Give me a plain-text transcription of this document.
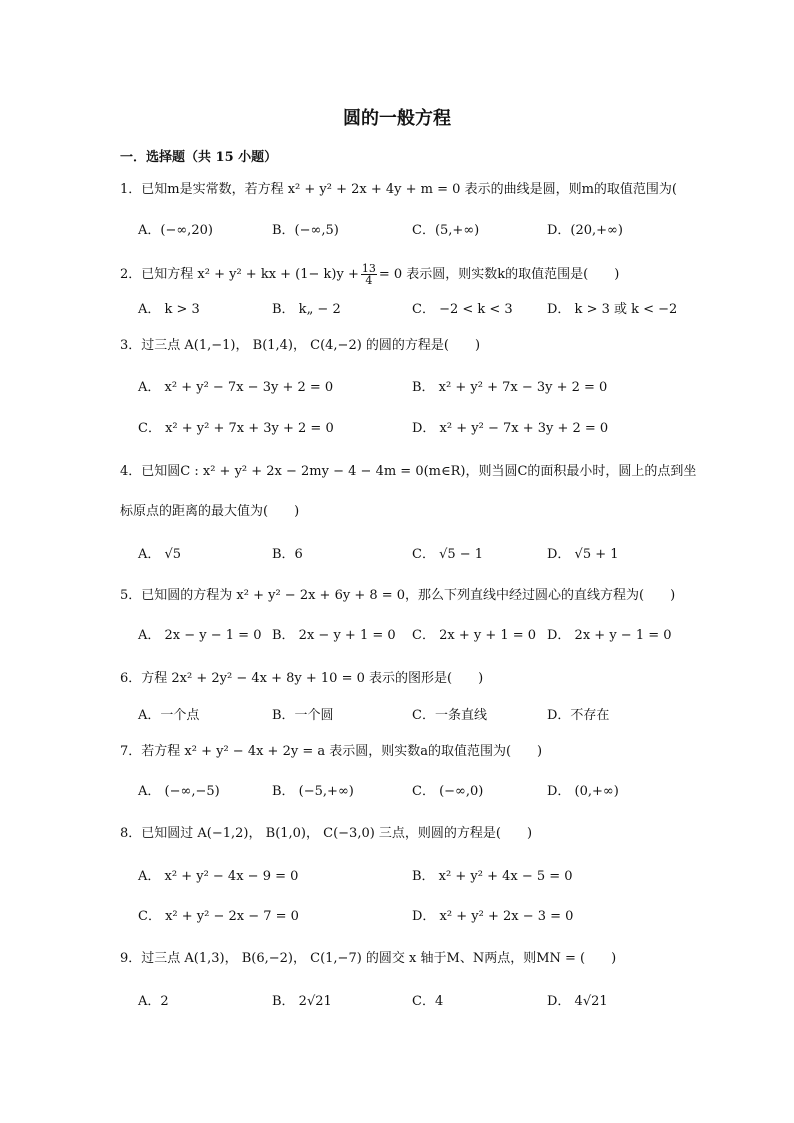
圆的一般方程
一．选择题（共 15 小题）
1．已知m是实常数，若方程 x² + y² + 2x + 4y + m = 0 表示的曲线是圆，则m的取值范围为(
A．(−∞,20)	B．(−∞,5)	C．(5,+∞)	D．(20,+∞)
2．已知方程 x² + y² + kx + $(1- k)y + \frac{13}{4} = 0$ 表示圆，则实数k的取值范围是(　　)
A． k > 3	B． k„ − 2	C． −2 < k < 3	D． k > 3 或 k < −2
3．过三点 A(1,−1)， B(1,4)， C(4,−2) 的圆的方程是(　　)
A． x² + y² − 7x − 3y + 2 = 0	B． x² + y² + 7x − 3y + 2 = 0
C． x² + y² + 7x + 3y + 2 = 0	D． x² + y² − 7x + 3y + 2 = 0
4．已知圆C : x² + y² + 2x − 2my − 4 − 4m = 0(m∈R)，则当圆C的面积最小时，圆上的点到坐
标原点的距离的最大值为(　　)
A． √5	B．6	C． √5 − 1	D． √5 + 1
5．已知圆的方程为 x² + y² − 2x + 6y + 8 = 0，那么下列直线中经过圆心的直线方程为(　　)
A． 2x − y − 1 = 0 B． 2x − y + 1 = 0 C． 2x + y + 1 = 0 D． 2x + y − 1 = 0
6．方程 2x² + 2y² − 4x + 8y + 10 = 0 表示的图形是(　　)
A．一个点	B．一个圆	C．一条直线	D．不存在
7．若方程 x² + y² − 4x + 2y = a 表示圆，则实数a的取值范围为(　　)
A． (−∞,−5)	B． (−5,+∞)	C． (−∞,0)	D． (0,+∞)
8．已知圆过 A(−1,2)， B(1,0)， C(−3,0) 三点，则圆的方程是(　　)
A． x² + y² − 4x − 9 = 0	B． x² + y² + 4x − 5 = 0
C． x² + y² − 2x − 7 = 0	D． x² + y² + 2x − 3 = 0
9．过三点 A(1,3)， B(6,−2)， C(1,−7) 的圆交 x 轴于M、N两点，则MN = (　　)
A．2	B． 2√21	C．4	D． 4√21
